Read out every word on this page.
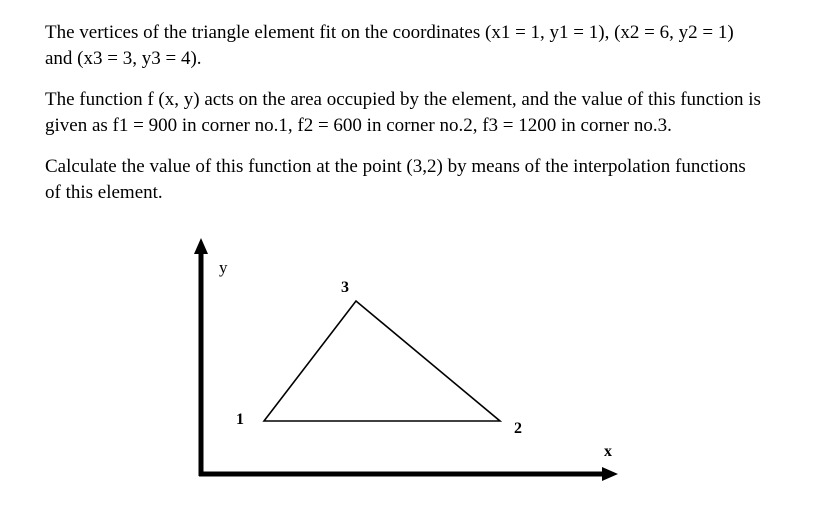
The vertices of the triangle element fit on the coordinates (x1 = 1, y1 = 1), (x2 = 6, y2 = 1)
and (x3 = 3, y3 = 4).
The function f (x, y) acts on the area occupied by the element, and the value of this function is
given as f1 = 900 in corner no.1, f2 = 600 in corner no.2, f3 = 1200 in corner no.3.
Calculate the value of this function at the point (3,2) by means of the interpolation functions
of this element.
y
x
1
2
3
